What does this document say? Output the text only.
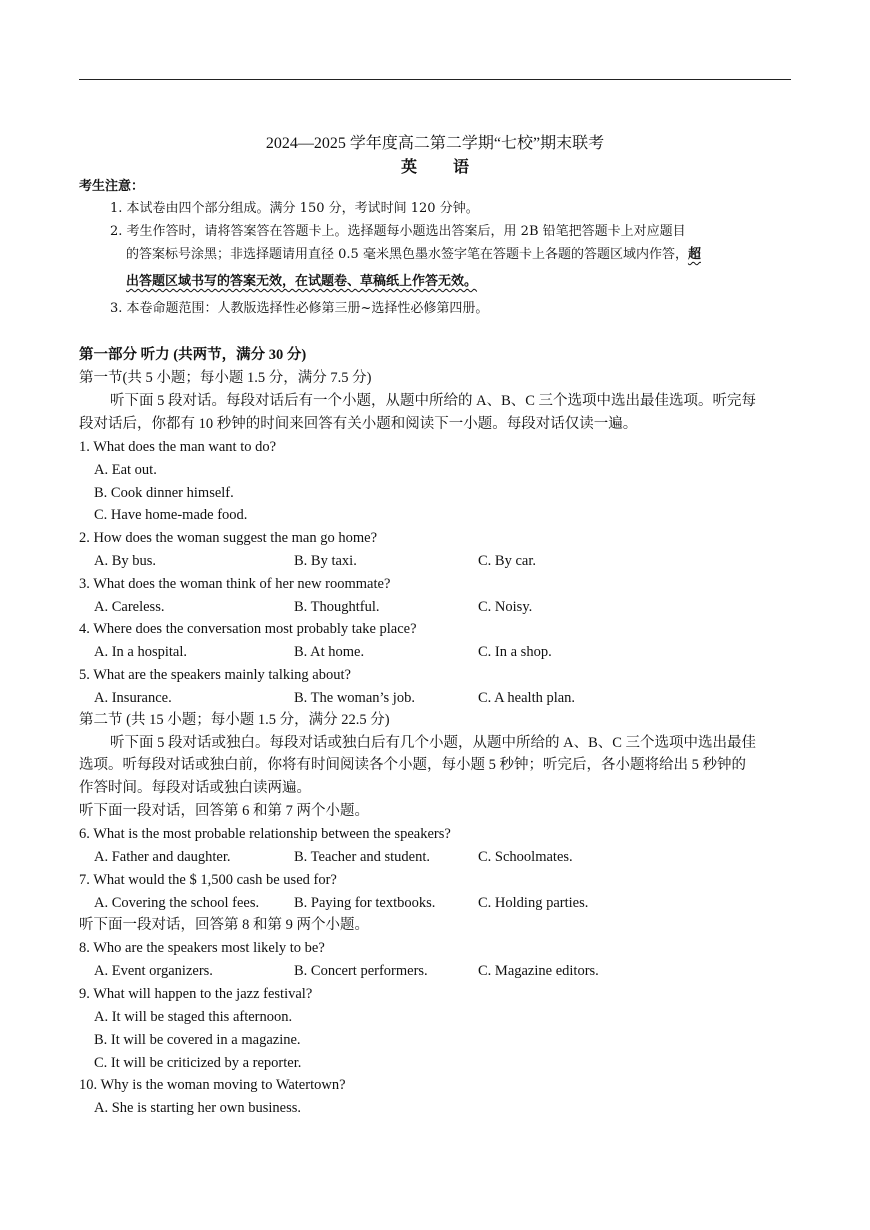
2024—2025 学年度高二第二学期“七校”期末联考
英语
考生注意：
1. 本试卷由四个部分组成。满分 150 分，考试时间 120 分钟。
2. 考生作答时，请将答案答在答题卡上。选择题每小题选出答案后，用 2B 铅笔把答题卡上对应题目
的答案标号涂黑；非选择题请用直径 0.5 毫米黑色墨水签字笔在答题卡上各题的答题区域内作答，超
出答题区域书写的答案无效，在试题卷、草稿纸上作答无效。
3. 本卷命题范围：人教版选择性必修第三册~选择性必修第四册。
第一部分 听力 (共两节，满分 30 分)
第一节(共 5 小题；每小题 1.5 分，满分 7.5 分)
听下面 5 段对话。每段对话后有一个小题，从题中所给的 A、B、C 三个选项中选出最佳选项。听完每
段对话后，你都有 10 秒钟的时间来回答有关小题和阅读下一小题。每段对话仅读一遍。
1. What does the man want to do?
A. Eat out.
B. Cook dinner himself.
C. Have home-made food.
2. How does the woman suggest the man go home?
A. By bus.	B. By taxi.	C. By car.
3. What does the woman think of her new roommate?
A. Careless.	B. Thoughtful.	C. Noisy.
4. Where does the conversation most probably take place?
A. In a hospital.	B. At home.	C. In a shop.
5. What are the speakers mainly talking about?
A. Insurance.	B. The woman’s job.	C. A health plan.
第二节 (共 15 小题；每小题 1.5 分，满分 22.5 分)
听下面 5 段对话或独白。每段对话或独白后有几个小题，从题中所给的 A、B、C 三个选项中选出最佳
选项。听每段对话或独白前，你将有时间阅读各个小题，每小题 5 秒钟；听完后，各小题将给出 5 秒钟的
作答时间。每段对话或独白读两遍。
听下面一段对话，回答第 6 和第 7 两个小题。
6. What is the most probable relationship between the speakers?
A. Father and daughter.	B. Teacher and student.	C. Schoolmates.
7. What would the $ 1,500 cash be used for?
A. Covering the school fees. B. Paying for textbooks.	C. Holding parties.
听下面一段对话，回答第 8 和第 9 两个小题。
8. Who are the speakers most likely to be?
A. Event organizers.	B. Concert performers.	C. Magazine editors.
9. What will happen to the jazz festival?
A. It will be staged this afternoon.
B. It will be covered in a magazine.
C. It will be criticized by a reporter.
10. Why is the woman moving to Watertown?
A. She is starting her own business.
